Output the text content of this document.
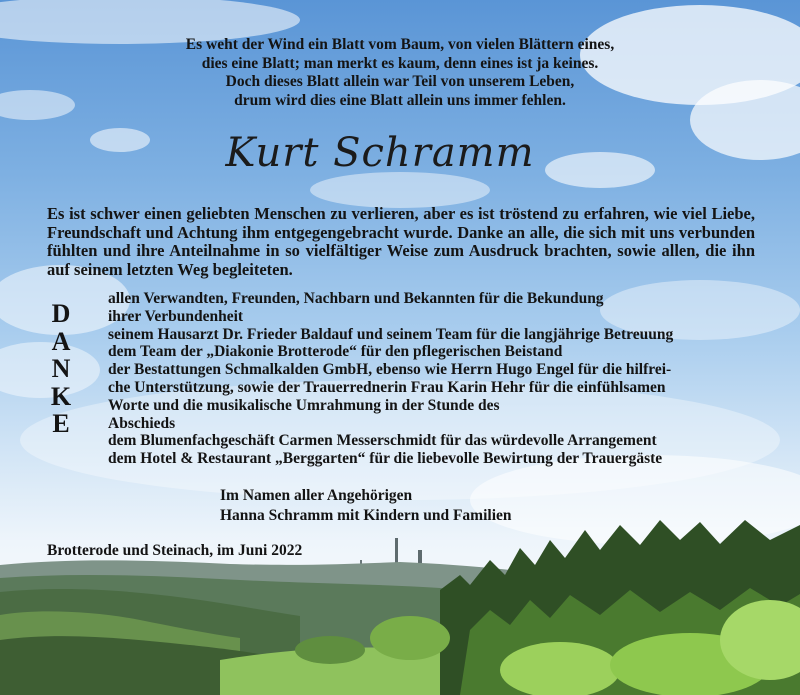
Es weht der Wind ein Blatt vom Baum, von vielen Blättern eines,
dies eine Blatt; man merkt es kaum, denn eines ist ja keines.
Doch dieses Blatt allein war Teil von unserem Leben,
drum wird dies eine Blatt allein uns immer fehlen.
Kurt Schramm

Es ist schwer einen geliebten Menschen zu verlieren, aber es ist tröstend zu erfahren, wie viel Liebe, Freundschaft und Achtung ihm entgegengebracht wurde. Danke an alle, die sich mit uns verbunden fühlten und ihre Anteilnahme in so vielfältiger Weise zum Ausdruck brachten, sowie allen, die ihn auf seinem letzten Weg begleiteten.

D
A
N
K
E
allen Verwandten, Freunden, Nachbarn und Bekannten für die Bekundung
ihrer Verbundenheit
seinem Hausarzt Dr. Frieder Baldauf und seinem Team für die langjährige Betreuung
dem Team der „Diakonie Brotterode“ für den pflegerischen Beistand
der Bestattungen Schmalkalden GmbH, ebenso wie Herrn Hugo Engel für die hilfrei-
che Unterstützung, sowie der Trauerrednerin Frau Karin Hehr für die einfühlsamen
Worte und die musikalische Umrahmung in der Stunde des
Abschieds
dem Blumenfachgeschäft Carmen Messerschmidt für das würdevolle Arrangement
dem Hotel & Restaurant „Berggarten“ für die liebevolle Bewirtung der Trauergäste
Im Namen aller Angehörigen
Hanna Schramm mit Kindern und Familien
Brotterode und Steinach, im Juni 2022
